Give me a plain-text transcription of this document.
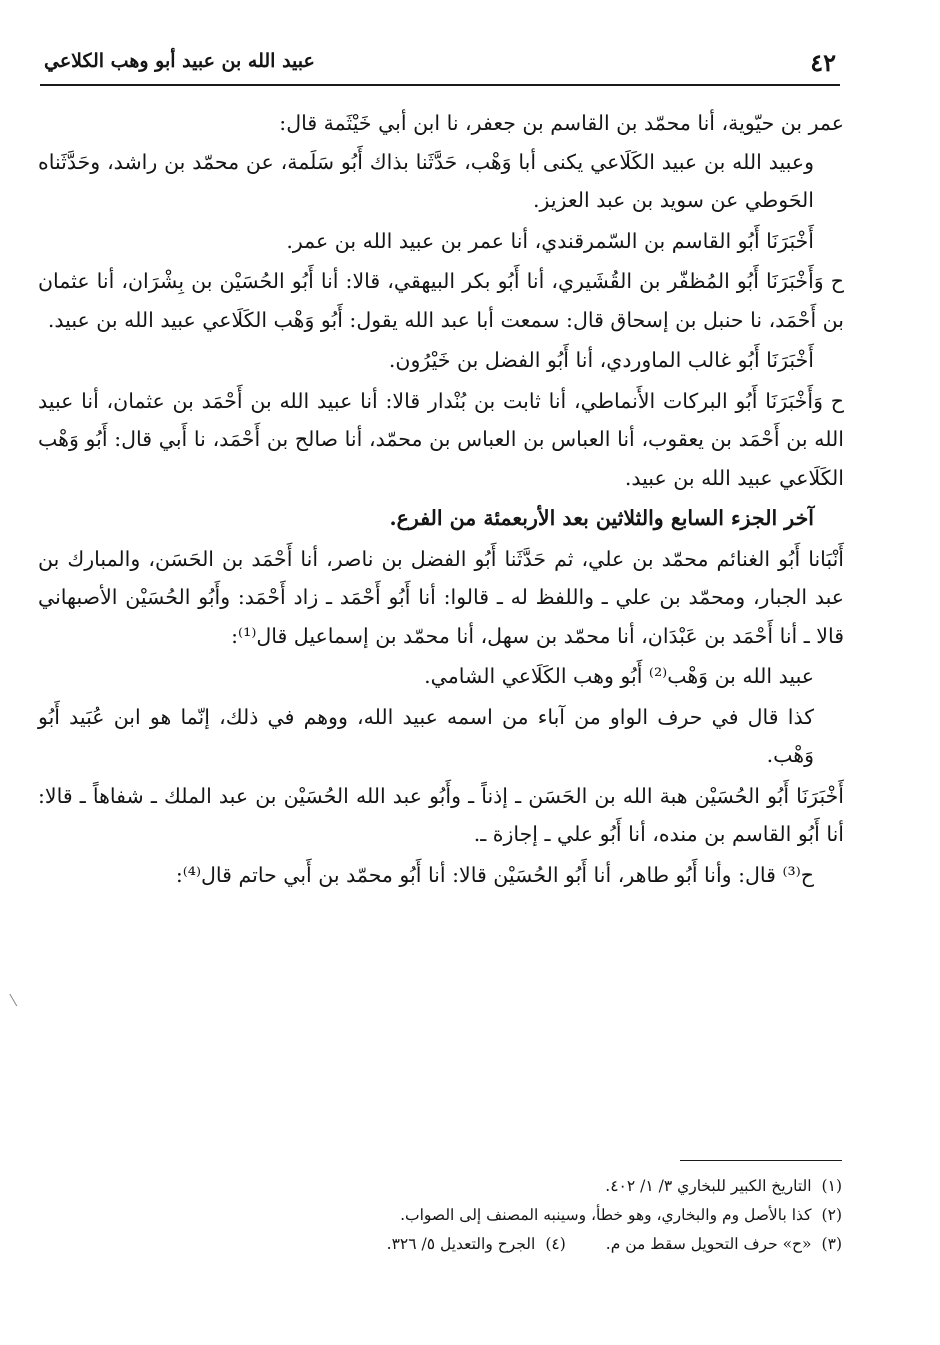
٤٢
عبيد الله بن عبيد أبو وهب الكلاعي

عمر بن حيّوية، أنا محمّد بن القاسم بن جعفر، نا ابن أبي خَيْثَمة قال:

وعبيد الله بن عبيد الكَلَاعي يكنى أبا وَهْب، حَدَّثَنا بذاك أَبُو سَلَمة، عن محمّد بن راشد، وحَدَّثَناه الحَوطي عن سويد بن عبد العزيز.

أَخْبَرَنَا أَبُو القاسم بن السّمرقندي، أنا عمر بن عبيد الله بن عمر.

ح وَأَخْبَرَنَا أَبُو المُظفّر بن القُشَيري، أنا أَبُو بكر البيهقي، قالا: أنا أَبُو الحُسَيْن بن بِشْرَان، أنا عثمان بن أَحْمَد، نا حنبل بن إسحاق قال: سمعت أبا عبد الله يقول: أَبُو وَهْب الكَلَاعي عبيد الله بن عبيد.

أَخْبَرَنَا أَبُو غالب الماوردي، أنا أَبُو الفضل بن خَيْرُون.

ح وَأَخْبَرَنَا أَبُو البركات الأَنماطي، أنا ثابت بن بُنْدار قالا: أنا عبيد الله بن أَحْمَد بن عثمان، أنا عبيد الله بن أَحْمَد بن يعقوب، أنا العباس بن العباس بن محمّد، أنا صالح بن أَحْمَد، نا أَبي قال: أَبُو وَهْب الكَلَاعي عبيد الله بن عبيد.

آخر الجزء السابع والثلاثين بعد الأربعمئة من الفرع.

أَنْبَانا أَبُو الغنائم محمّد بن علي، ثم حَدَّثَنا أَبُو الفضل بن ناصر، أنا أَحْمَد بن الحَسَن، والمبارك بن عبد الجبار، ومحمّد بن علي ـ واللفظ له ـ قالوا: أنا أَبُو أَحْمَد ـ زاد أَحْمَد: وأَبُو الحُسَيْن الأصبهاني قالا ـ أنا أَحْمَد بن عَبْدَان، أنا محمّد بن سهل، أنا محمّد بن إسماعيل قال⁽¹⁾:

عبيد الله بن وَهْب⁽²⁾ أَبُو وهب الكَلَاعي الشامي.

كذا قال في حرف الواو من آباء من اسمه عبيد الله، ووهم في ذلك، إنّما هو ابن عُبَيد أَبُو وَهْب.

أَخْبَرَنَا أَبُو الحُسَيْن هبة الله بن الحَسَن ـ إذناً ـ وأَبُو عبد الله الحُسَيْن بن عبد الملك ـ شفاهاً ـ قالا: أنا أَبُو القاسم بن منده، أنا أَبُو علي ـ إجازة ـ.

ح⁽³⁾ قال: وأنا أَبُو طاهر، أنا أَبُو الحُسَيْن قالا: أنا أَبُو محمّد بن أَبي حاتم قال⁽⁴⁾:

(١)التاريخ الكبير للبخاري ٣/ ١/ ٤٠٢.
(٢)كذا بالأصل وم والبخاري، وهو خطأ، وسينبه المصنف إلى الصواب.
(٣)«ح» حرف التحويل سقط من م.
(٤)الجرح والتعديل ٥/ ٣٢٦.
